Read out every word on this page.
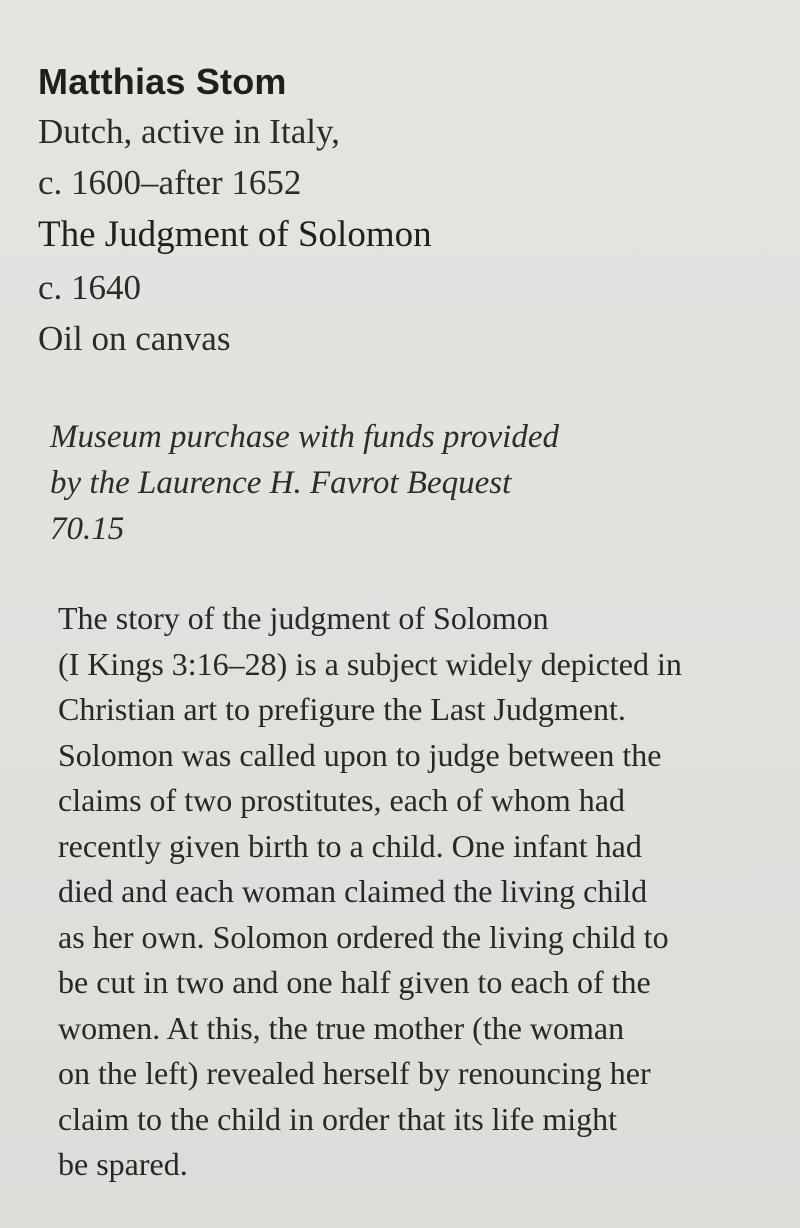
Matthias Stom

Dutch, active in Italy,

c. 1600–after 1652

The Judgment of Solomon

c. 1640

Oil on canvas

Museum purchase with funds provided

by the Laurence H. Favrot Bequest

70.15

The story of the judgment of Solomon

(I Kings 3:16–28) is a subject widely depicted in

Christian art to prefigure the Last Judgment.

Solomon was called upon to judge between the

claims of two prostitutes, each of whom had

recently given birth to a child. One infant had

died and each woman claimed the living child

as her own. Solomon ordered the living child to

be cut in two and one half given to each of the

women. At this, the true mother (the woman

on the left) revealed herself by renouncing her

claim to the child in order that its life might

be spared.
